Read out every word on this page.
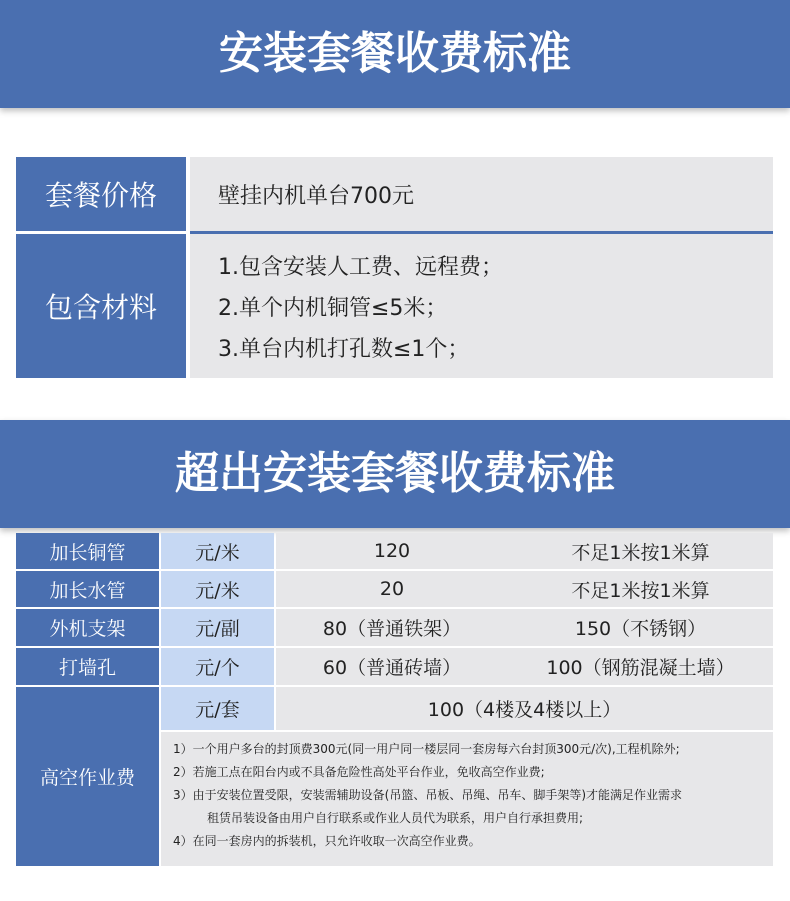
安装套餐收费标准
套餐价格	壁挂内机单台700元
包含材料
1.包含安装人工费、远程费；
2.单个内机铜管≤5米；
3.单台内机打孔数≤1个；
超出安装套餐收费标准
加长铜管	元/米	120	不足1米按1米算
加长水管	元/米	20	不足1米按1米算
外机支架	元/副	80（普通铁架）	150（不锈钢）
打墙孔	元/个	60（普通砖墙）	100（钢筋混凝土墙）
高空作业费
元/套	100（4楼及4楼以上）
1）一个用户多台的封顶费300元(同一用户同一楼层同一套房每六台封顶300元/次),工程机除外;
2）若施工点在阳台内或不具备危险性高处平台作业，免收高空作业费;
3）由于安装位置受限，安装需辅助设备(吊篮、吊板、吊绳、吊车、脚手架等)才能满足作业需求
租赁吊装设备由用户自行联系或作业人员代为联系，用户自行承担费用;
4）在同一套房内的拆装机，只允许收取一次高空作业费。
